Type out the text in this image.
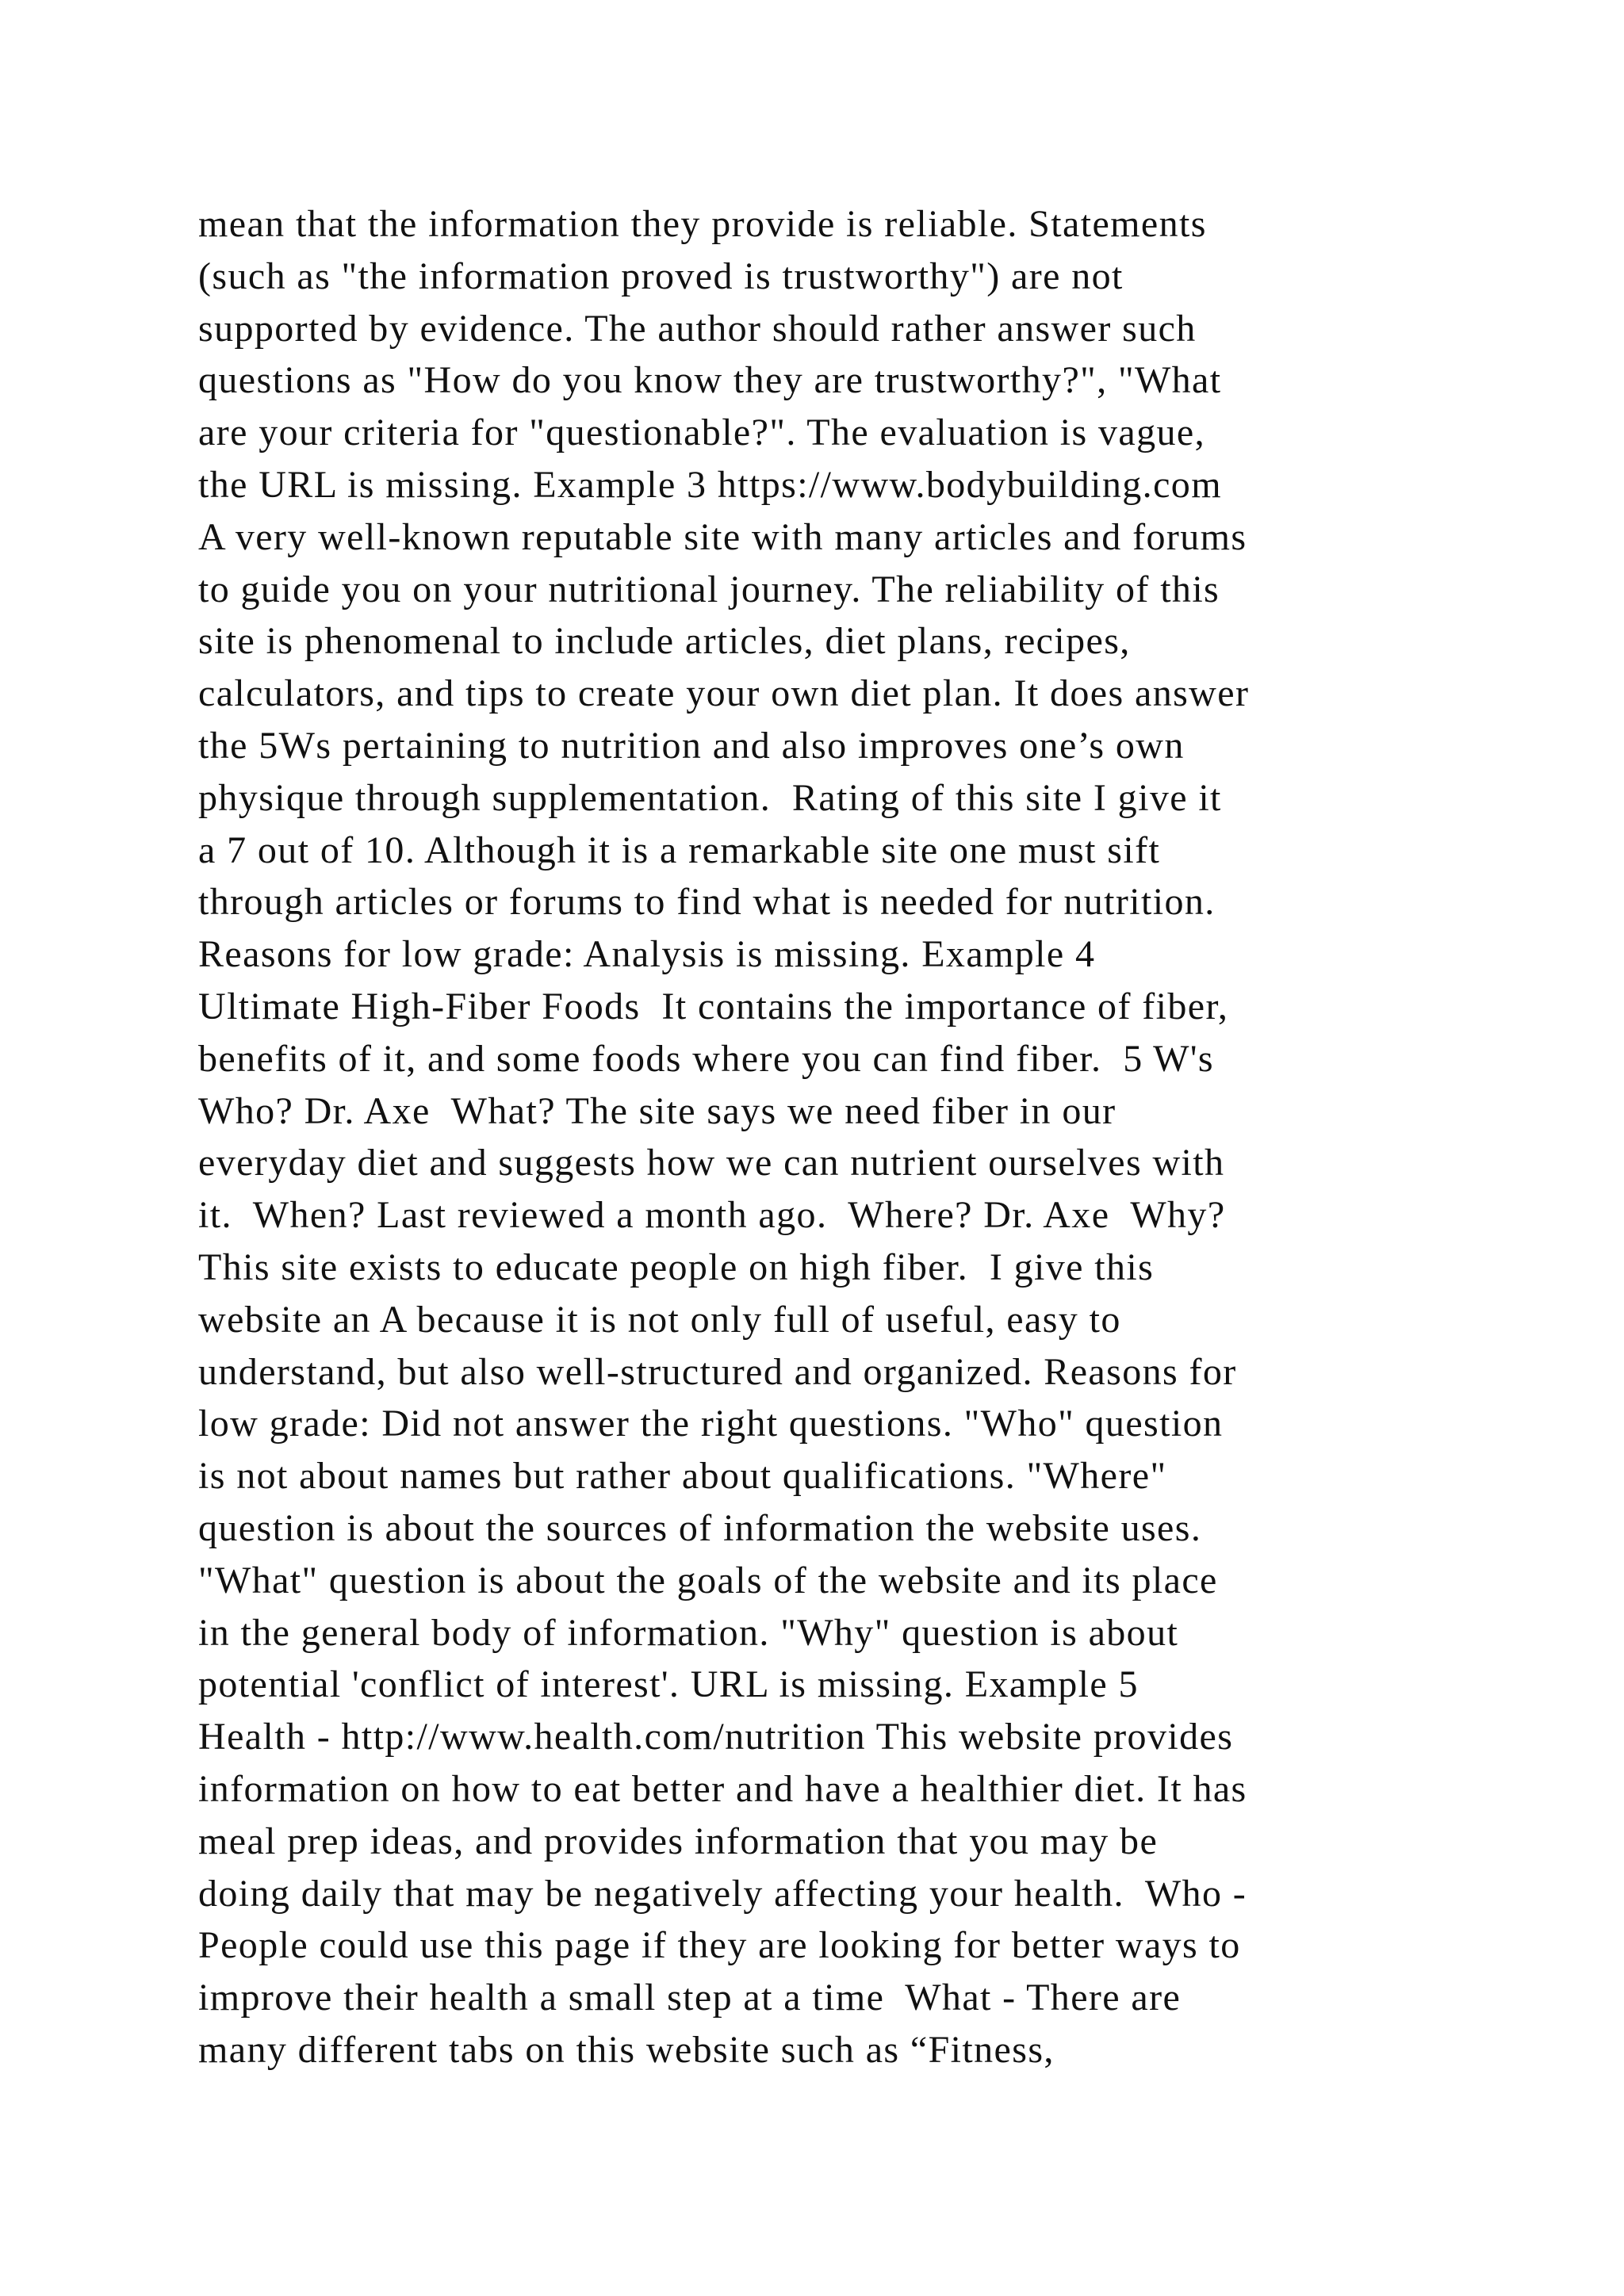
mean that the information they provide is reliable. Statements
(such as "the information proved is trustworthy") are not
supported by evidence. The author should rather answer such
questions as "How do you know they are trustworthy?", "What
are your criteria for "questionable?". The evaluation is vague,
the URL is missing. Example 3 https://www.bodybuilding.com
A very well-known reputable site with many articles and forums
to guide you on your nutritional journey. The reliability of this
site is phenomenal to include articles, diet plans, recipes,
calculators, and tips to create your own diet plan. It does answer
the 5Ws pertaining to nutrition and also improves one’s own
physique through supplementation.  Rating of this site I give it
a 7 out of 10. Although it is a remarkable site one must sift
through articles or forums to find what is needed for nutrition.
Reasons for low grade: Analysis is missing. Example 4
Ultimate High-Fiber Foods  It contains the importance of fiber,
benefits of it, and some foods where you can find fiber.  5 W's
Who? Dr. Axe  What? The site says we need fiber in our
everyday diet and suggests how we can nutrient ourselves with
it.  When? Last reviewed a month ago.  Where? Dr. Axe  Why?
This site exists to educate people on high fiber.  I give this
website an A because it is not only full of useful, easy to
understand, but also well-structured and organized. Reasons for
low grade: Did not answer the right questions. "Who" question
is not about names but rather about qualifications. "Where"
question is about the sources of information the website uses.
"What" question is about the goals of the website and its place
in the general body of information. "Why" question is about
potential 'conflict of interest'. URL is missing. Example 5
Health - http://www.health.com/nutrition This website provides
information on how to eat better and have a healthier diet. It has
meal prep ideas, and provides information that you may be
doing daily that may be negatively affecting your health.  Who -
People could use this page if they are looking for better ways to
improve their health a small step at a time  What - There are
many different tabs on this website such as “Fitness,
